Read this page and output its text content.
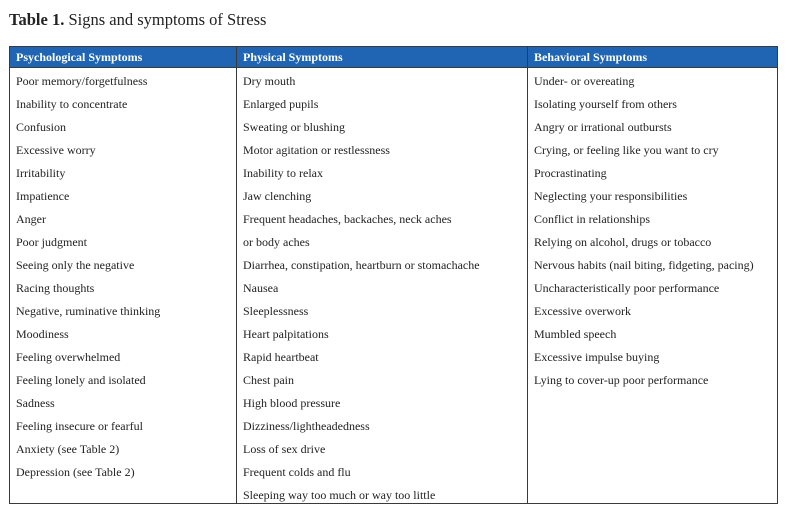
Table 1. Signs and symptoms of Stress
Psychological Symptoms
Poor memory/forgetfulness
Inability to concentrate
Confusion
Excessive worry
Irritability
Impatience
Anger
Poor judgment
Seeing only the negative
Racing thoughts
Negative, ruminative thinking
Moodiness
Feeling overwhelmed
Feeling lonely and isolated
Sadness
Feeling insecure or fearful
Anxiety (see Table 2)
Depression (see Table 2)
Physical Symptoms
Dry mouth
Enlarged pupils
Sweating or blushing
Motor agitation or restlessness
Inability to relax
Jaw clenching
Frequent headaches, backaches, neck aches
or body aches
Diarrhea, constipation, heartburn or stomachache
Nausea
Sleeplessness
Heart palpitations
Rapid heartbeat
Chest pain
High blood pressure
Dizziness/lightheadedness
Loss of sex drive
Frequent colds and flu
Sleeping way too much or way too little
Behavioral Symptoms
Under- or overeating
Isolating yourself from others
Angry or irrational outbursts
Crying, or feeling like you want to cry
Procrastinating
Neglecting your responsibilities
Conflict in relationships
Relying on alcohol, drugs or tobacco
Nervous habits (nail biting, fidgeting, pacing)
Uncharacteristically poor performance
Excessive overwork
Mumbled speech
Excessive impulse buying
Lying to cover-up poor performance
